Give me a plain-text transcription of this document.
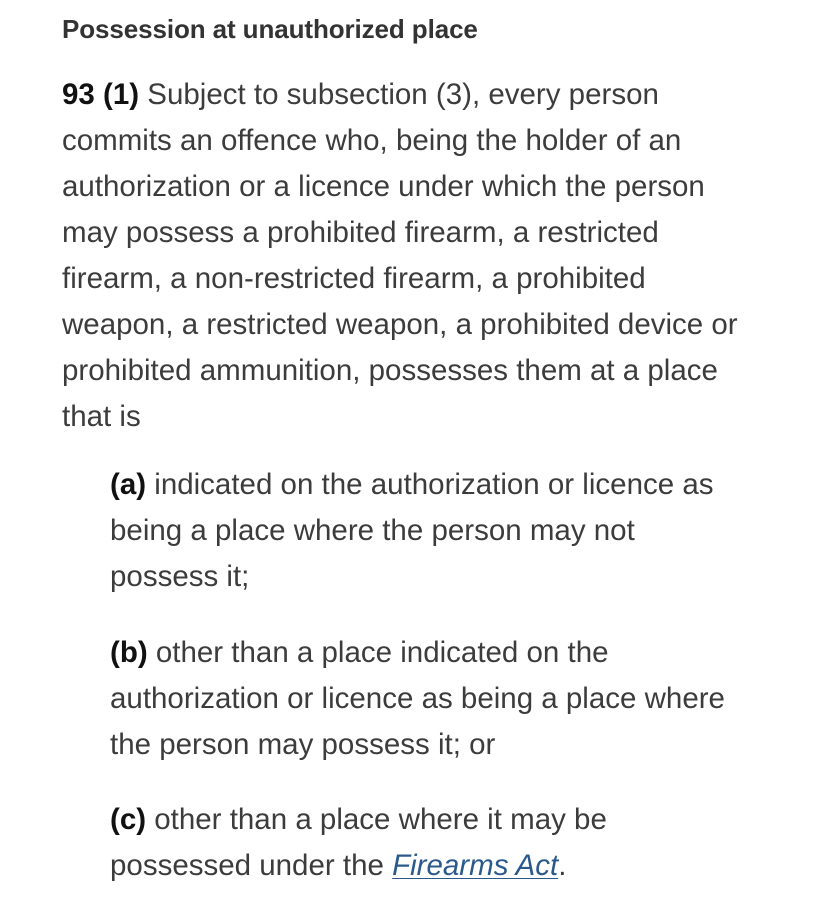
Possession at unauthorized place

93 (1) Subject to subsection (3), every person commits an offence who, being the holder of an authorization or a licence under which the person may possess a prohibited firearm, a restricted firearm, a non-restricted firearm, a prohibited weapon, a restricted weapon, a prohibited device or prohibited ammunition, possesses them at a place that is

(a) indicated on the authorization or licence as being a place where the person may not possess it;

(b) other than a place indicated on the authorization or licence as being a place where the person may possess it; or

(c) other than a place where it may be possessed under the Firearms Act.
